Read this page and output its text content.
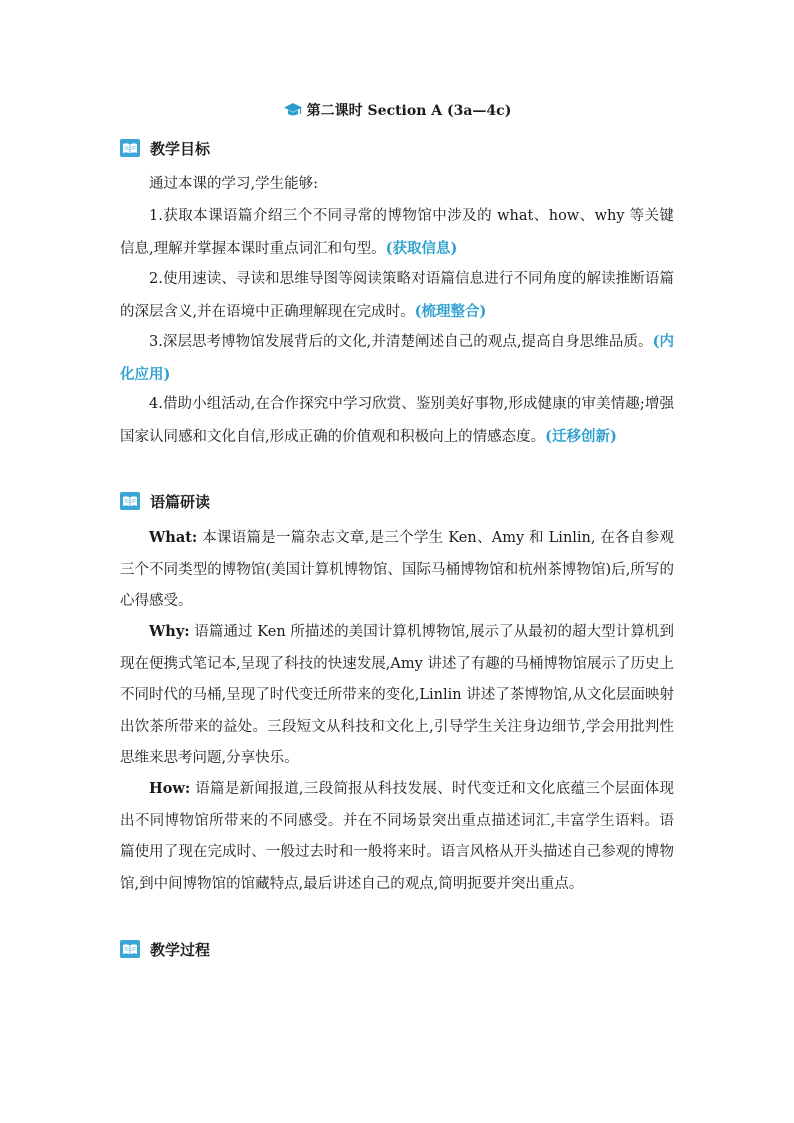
第二课时 Section A (3a—4c)
教学目标
通过本课的学习,学生能够:
1.获取本课语篇介绍三个不同寻常的博物馆中涉及的 what、how、why 等关键信息,理解并掌握本课时重点词汇和句型。(获取信息)
2.使用速读、寻读和思维导图等阅读策略对语篇信息进行不同角度的解读推断语篇的深层含义,并在语境中正确理解现在完成时。(梳理整合)
3.深层思考博物馆发展背后的文化,并清楚阐述自己的观点,提高自身思维品质。(内化应用)
4.借助小组活动,在合作探究中学习欣赏、鉴别美好事物,形成健康的审美情趣;增强国家认同感和文化自信,形成正确的价值观和积极向上的情感态度。(迁移创新)
语篇研读
What: 本课语篇是一篇杂志文章,是三个学生 Ken、Amy 和 Linlin, 在各自参观三个不同类型的博物馆(美国计算机博物馆、国际马桶博物馆和杭州茶博物馆)后,所写的心得感受。
Why: 语篇通过 Ken 所描述的美国计算机博物馆,展示了从最初的超大型计算机到现在便携式笔记本,呈现了科技的快速发展,Amy 讲述了有趣的马桶博物馆展示了历史上不同时代的马桶,呈现了时代变迁所带来的变化,Linlin 讲述了茶博物馆,从文化层面映射出饮茶所带来的益处。三段短文从科技和文化上,引导学生关注身边细节,学会用批判性思维来思考问题,分享快乐。
How: 语篇是新闻报道,三段简报从科技发展、时代变迁和文化底蕴三个层面体现出不同博物馆所带来的不同感受。并在不同场景突出重点描述词汇,丰富学生语料。语篇使用了现在完成时、一般过去时和一般将来时。语言风格从开头描述自己参观的博物馆,到中间博物馆的馆藏特点,最后讲述自己的观点,简明扼要并突出重点。
教学过程
